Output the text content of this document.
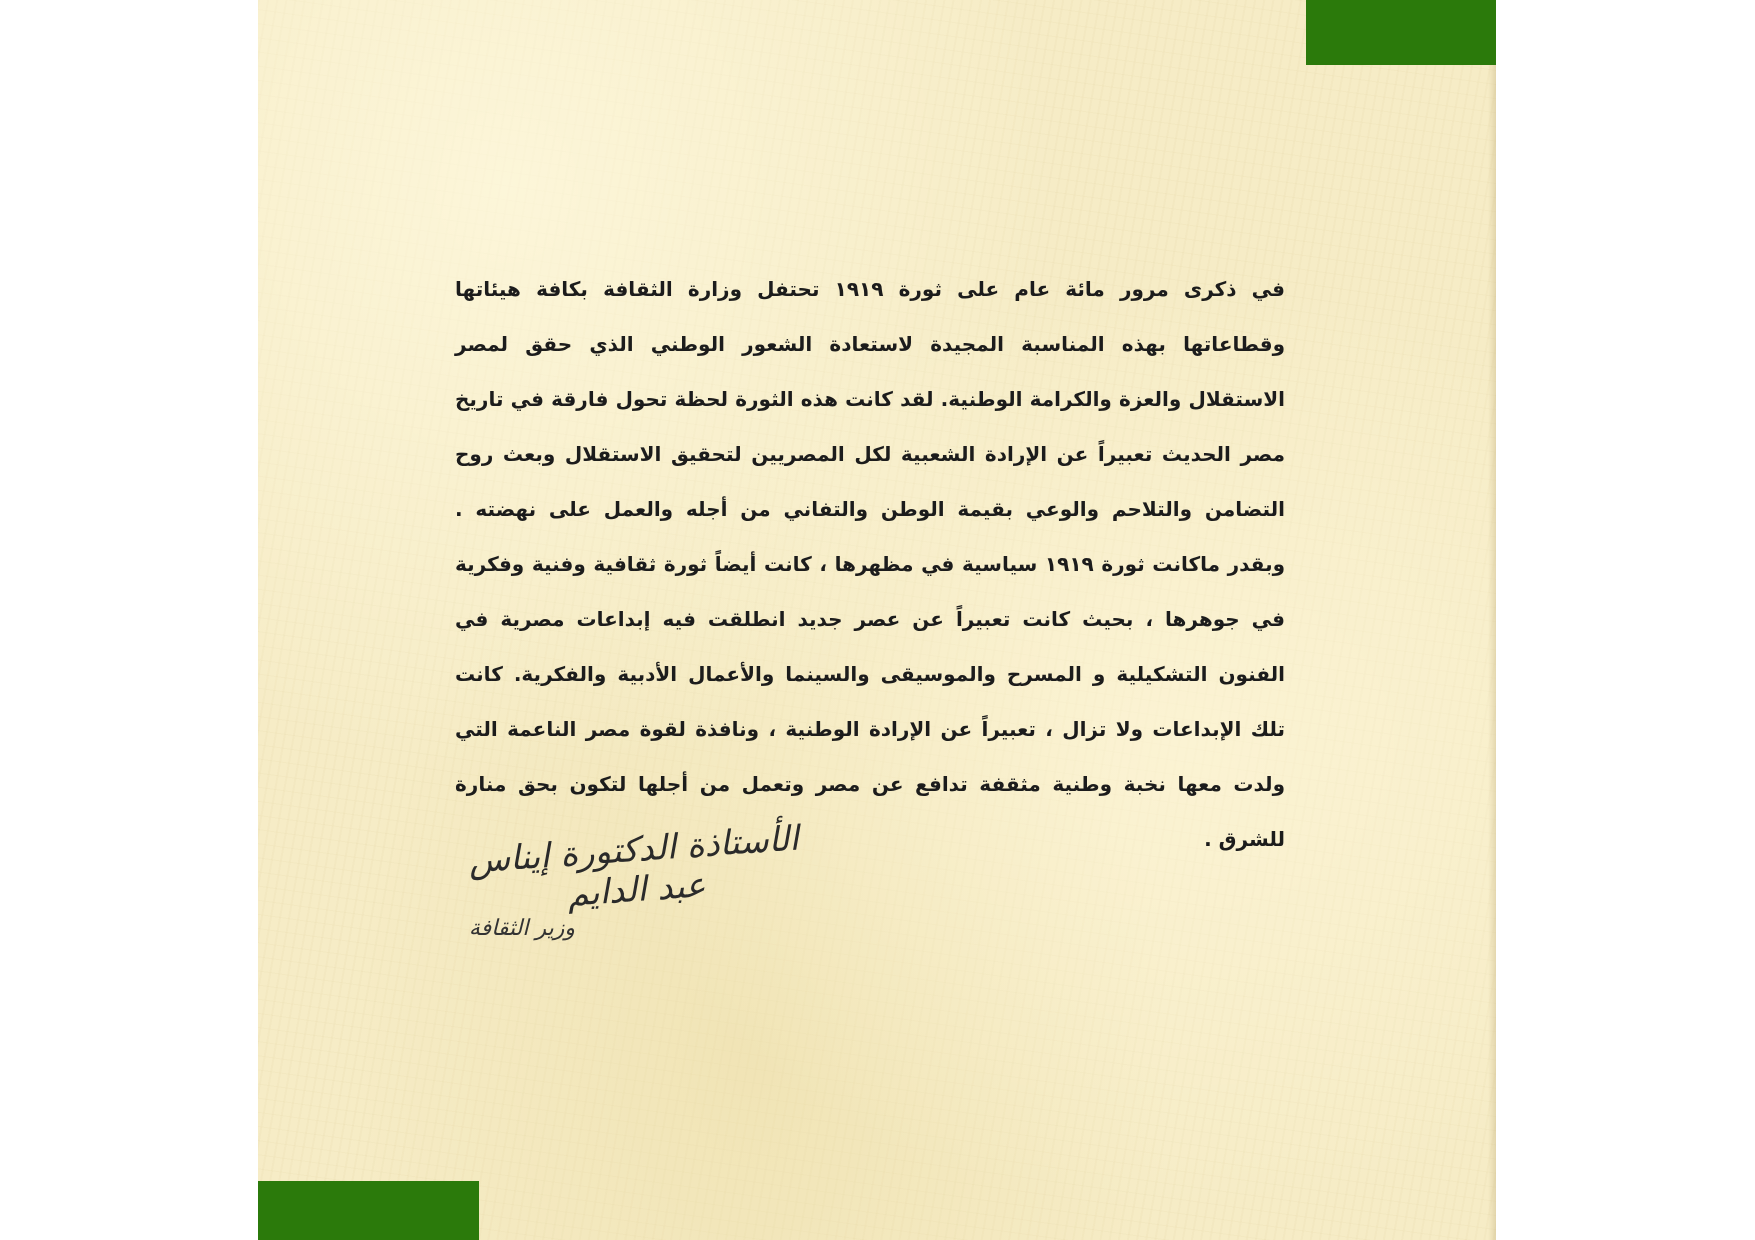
في ذكرى مرور مائة عام على ثورة ١٩١٩ تحتفل وزارة الثقافة بكافة هيئاتها وقطاعاتها بهذه المناسبة المجيدة لاستعادة الشعور الوطني الذي حقق لمصر الاستقلال والعزة والكرامة الوطنية. لقد كانت هذه الثورة لحظة تحول فارقة في تاريخ مصر الحديث تعبيراً عن الإرادة الشعبية لكل المصريين لتحقيق الاستقلال وبعث روح التضامن والتلاحم والوعي بقيمة الوطن والتفاني من أجله والعمل على نهضته . وبقدر ماكانت ثورة ١٩١٩ سياسية في مظهرها ، كانت أيضاً ثورة ثقافية وفنية وفكرية في جوهرها ، بحيث كانت تعبيراً عن عصر جديد انطلقت فيه إبداعات مصرية في الفنون التشكيلية و المسرح والموسيقى والسينما والأعمال الأدبية والفكرية. كانت تلك الإبداعات ولا تزال ، تعبيراً عن الإرادة الوطنية ، ونافذة لقوة مصر الناعمة التي ولدت معها نخبة وطنية مثقفة تدافع عن مصر وتعمل من أجلها لتكون بحق منارة للشرق .

الأستاذة الدكتورة إيناس عبد الدايم
وزير الثقافة
